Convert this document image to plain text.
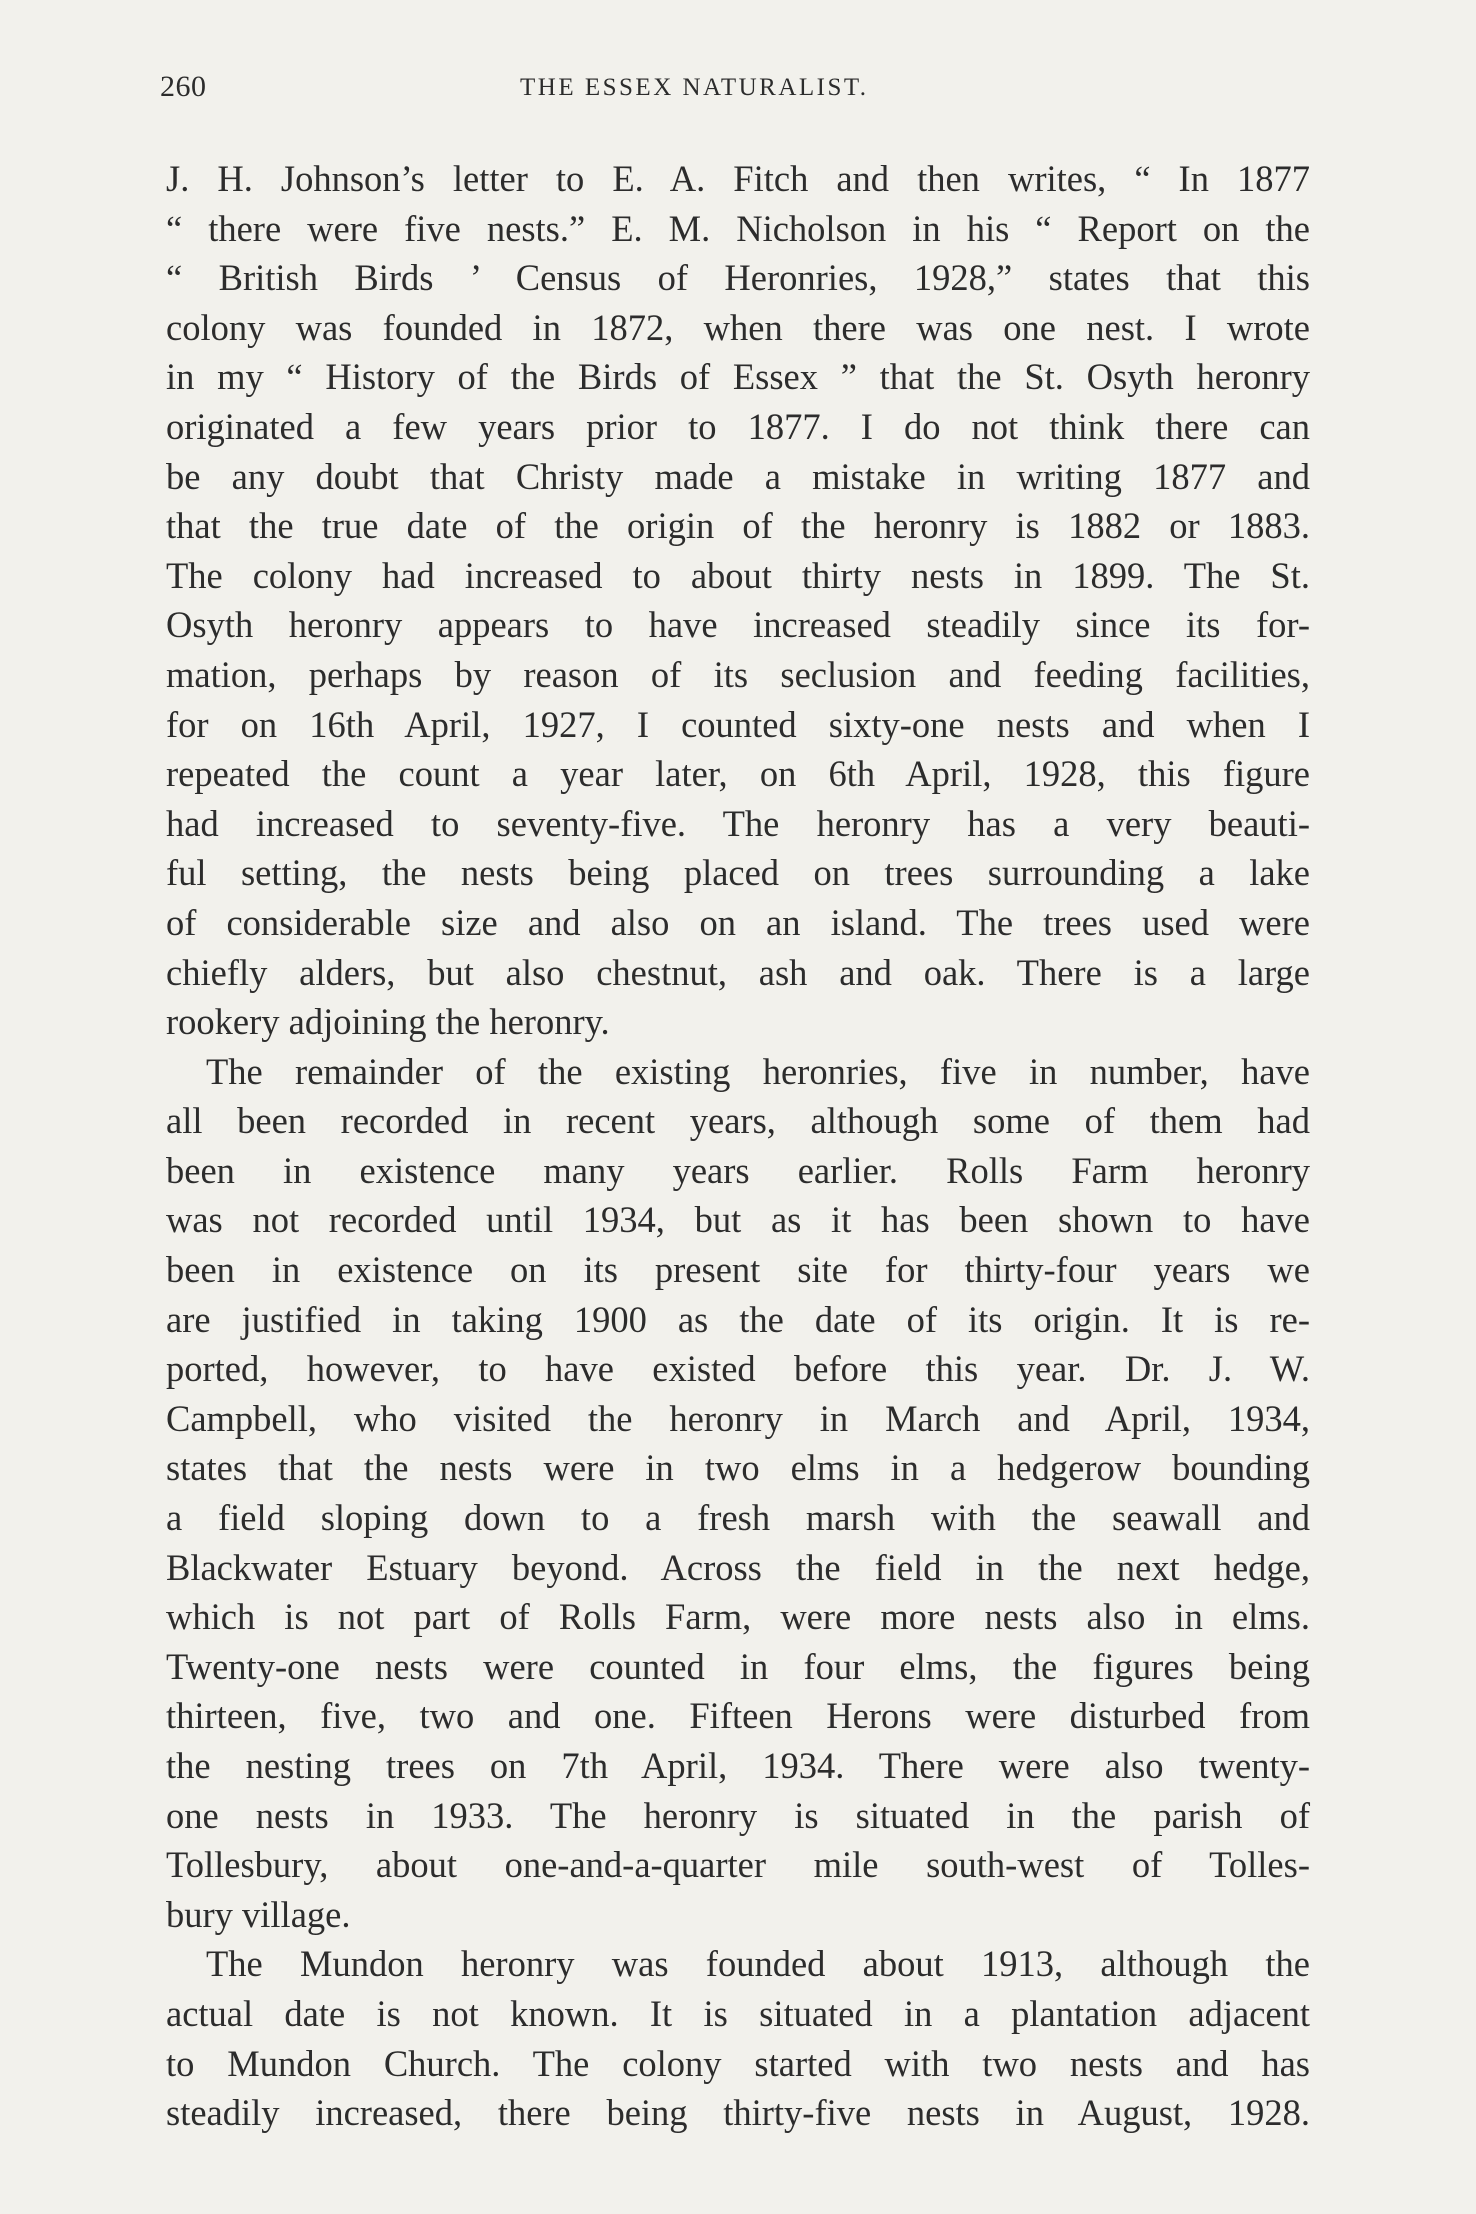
260	THE ESSEX NATURALIST.
J. H. Johnson’s letter to E. A. Fitch and then writes, “ In 1877
“ there were five nests.” E. M. Nicholson in his “ Report on the
“ British Birds ’ Census of Heronries, 1928,” states that this
colony was founded in 1872, when there was one nest. I wrote
in my “ History of the Birds of Essex ” that the St. Osyth heronry
originated a few years prior to 1877. I do not think there can
be any doubt that Christy made a mistake in writing 1877 and
that the true date of the origin of the heronry is 1882 or 1883.
The colony had increased to about thirty nests in 1899. The St.
Osyth heronry appears to have increased steadily since its for-
mation, perhaps by reason of its seclusion and feeding facilities,
for on 16th April, 1927, I counted sixty-one nests and when I
repeated the count a year later, on 6th April, 1928, this figure
had increased to seventy-five. The heronry has a very beauti-
ful setting, the nests being placed on trees surrounding a lake
of considerable size and also on an island. The trees used were
chiefly alders, but also chestnut, ash and oak. There is a large
rookery adjoining the heronry.
The remainder of the existing heronries, five in number, have
all been recorded in recent years, although some of them had
been in existence many years earlier. Rolls Farm heronry
was not recorded until 1934, but as it has been shown to have
been in existence on its present site for thirty-four years we
are justified in taking 1900 as the date of its origin. It is re-
ported, however, to have existed before this year. Dr. J. W.
Campbell, who visited the heronry in March and April, 1934,
states that the nests were in two elms in a hedgerow bounding
a field sloping down to a fresh marsh with the seawall and
Blackwater Estuary beyond. Across the field in the next hedge,
which is not part of Rolls Farm, were more nests also in elms.
Twenty-one nests were counted in four elms, the figures being
thirteen, five, two and one. Fifteen Herons were disturbed from
the nesting trees on 7th April, 1934. There were also twenty-
one nests in 1933. The heronry is situated in the parish of
Tollesbury, about one-and-a-quarter mile south-west of Tolles-
bury village.
The Mundon heronry was founded about 1913, although the
actual date is not known. It is situated in a plantation adjacent
to Mundon Church. The colony started with two nests and has
steadily increased, there being thirty-five nests in August, 1928.
